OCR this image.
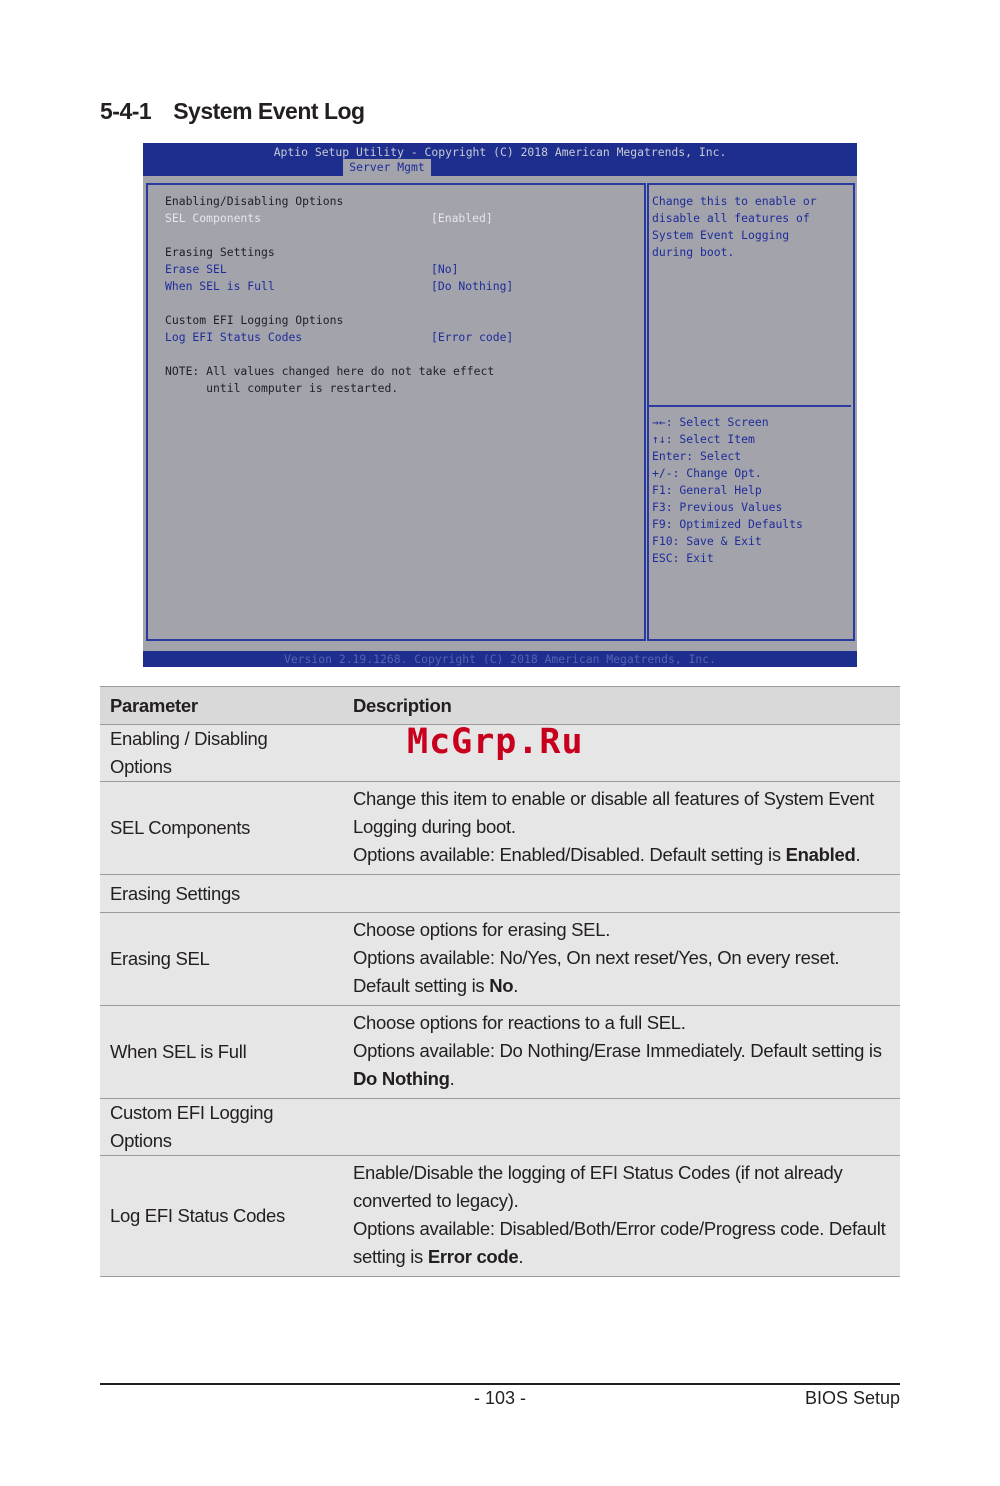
5-4-1 System Event Log
Aptio Setup Utility - Copyright (C) 2018 American Megatrends, Inc.
Server Mgmt
Enabling/Disabling Options
SEL Components	[Enabled]
Erasing Settings
Erase SEL	[No]
When SEL is Full	[Do Nothing]
Custom EFI Logging Options
Log EFI Status Codes	[Error code]
NOTE: All values changed here do not take effect
until computer is restarted.
Change this to enable or
disable all features of
System Event Logging
during boot.
→←: Select Screen
↑↓: Select Item
Enter: Select
+/-: Change Opt.
F1: General Help
F3: Previous Values
F9: Optimized Defaults
F10: Save & Exit
ESC: Exit
Version 2.19.1268. Copyright (C) 2018 American Megatrends, Inc.
Parameter	Description
Enabling / Disabling Options	
SEL Components	Change this item to enable or disable all features of System Event Logging during boot.
Options available: Enabled/Disabled. Default setting is Enabled.

Erasing Settings	
Erasing SEL	Choose options for erasing SEL.
Options available: No/Yes, On next reset/Yes, On every reset. Default setting is No.

When SEL is Full	Choose options for reactions to a full SEL.
Options available: Do Nothing/Erase Immediately. Default setting is Do Nothing.

Custom EFI Logging Options	
Log EFI Status Codes	Enable/Disable the logging of EFI Status Codes (if not already converted to legacy).
Options available: Disabled/Both/Error code/Progress code. Default setting is Error code.
McGrp.Ru
- 103 -	BIOS Setup
